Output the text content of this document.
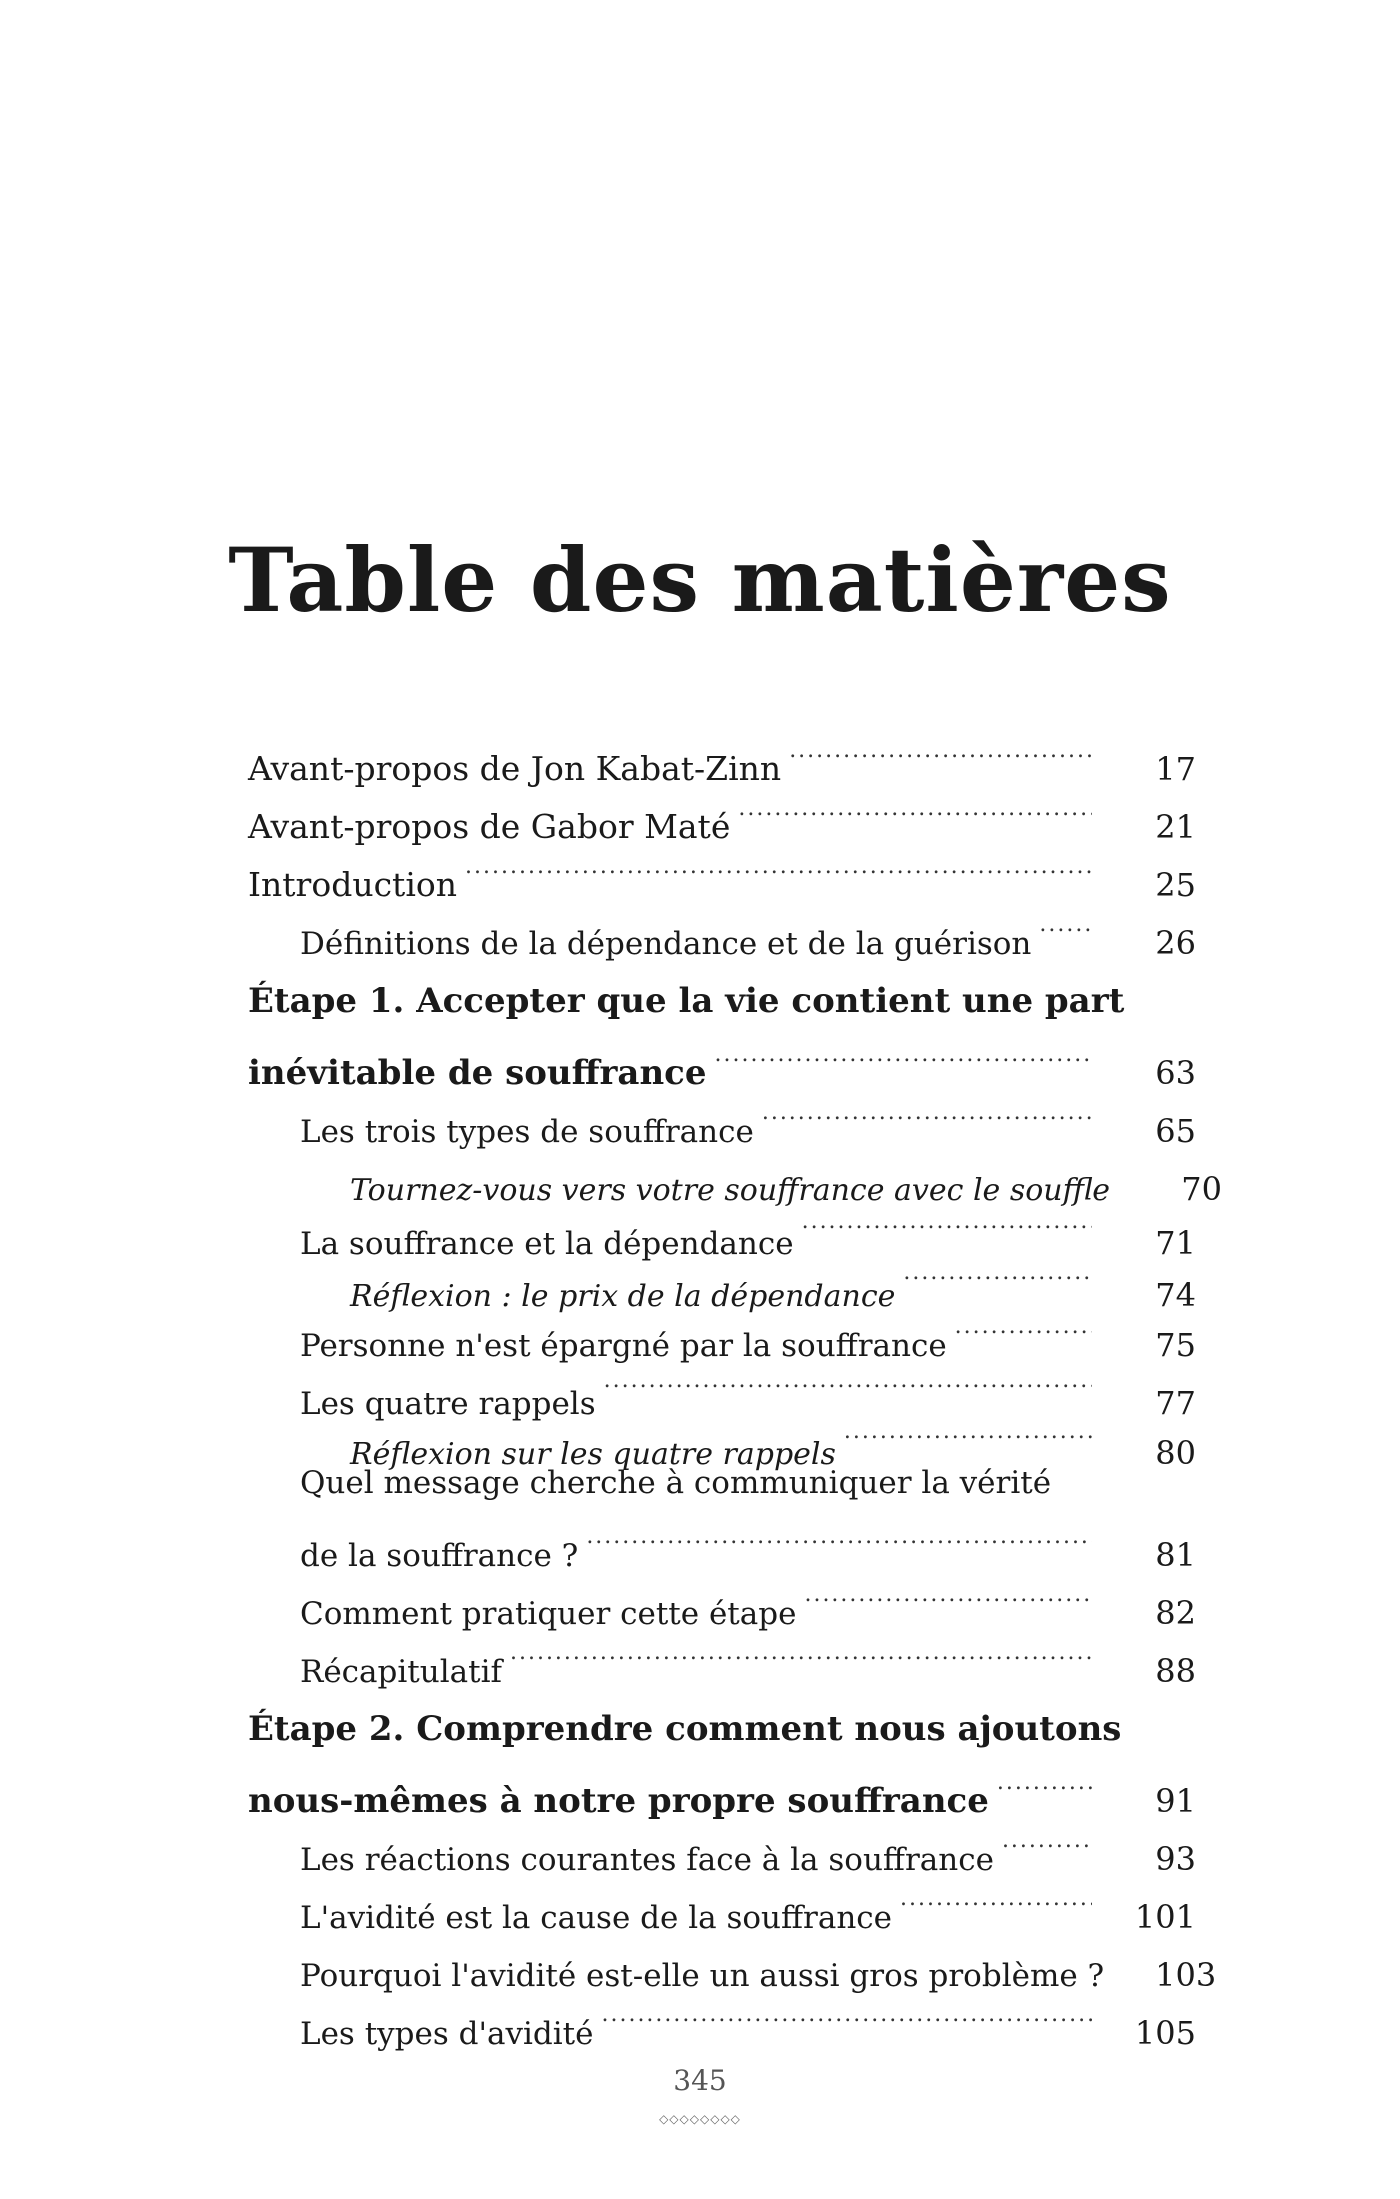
Table des matières
Avant-propos de Jon Kabat-Zinn .....	17
Avant-propos de Gabor Maté .....	21
Introduction .....	25
Définitions de la dépendance et de la guérison .....	26
Étape 1. Accepter que la vie contient une part
inévitable de souffrance .....	63
Les trois types de souffrance .....	65
Tournez-vous vers votre souffrance avec le souffle	70
La souffrance et la dépendance .....	71
Réflexion : le prix de la dépendance .....	74
Personne n'est épargné par la souffrance .....	75
Les quatre rappels .....	77
Réflexion sur les quatre rappels .....	80
Quel message cherche à communiquer la vérité
de la souffrance ? .....	81
Comment pratiquer cette étape .....	82
Récapitulatif .....	88
Étape 2. Comprendre comment nous ajoutons
nous-mêmes à notre propre souffrance .....	91
Les réactions courantes face à la souffrance .....	93
L'avidité est la cause de la souffrance .....	101
Pourquoi l'avidité est-elle un aussi gros problème ?	103
Les types d'avidité .....	105
345
◇◇◇◇◇◇◇◇
